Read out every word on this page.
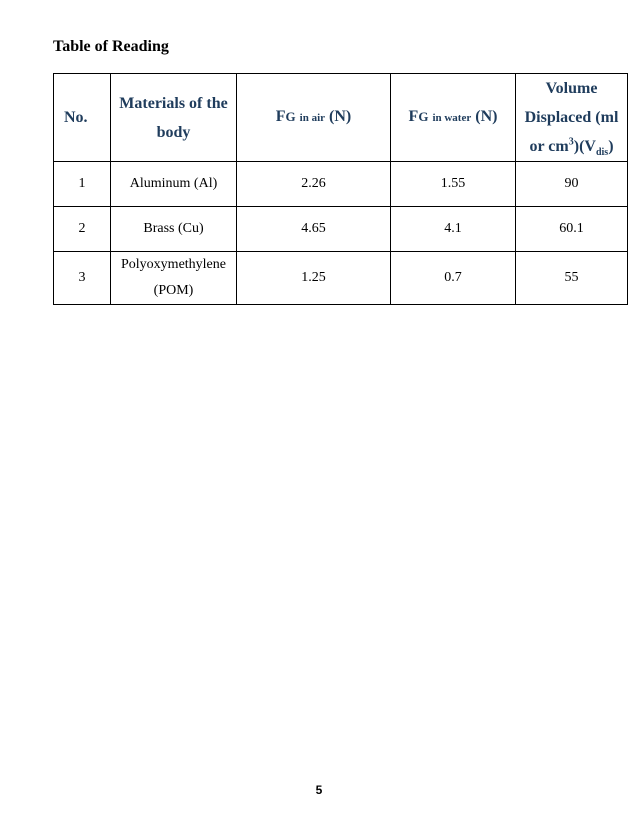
Table of Reading
No.	Materials of the body	FG in air (N)	FG in water (N)	Volume Displaced (ml or $cm^3)(V_{dis})$
1	Aluminum (Al)	2.26	1.55	90
2	Brass (Cu)	4.65	4.1	60.1
3	Polyoxymethylene (POM)	1.25	0.7	55
5
